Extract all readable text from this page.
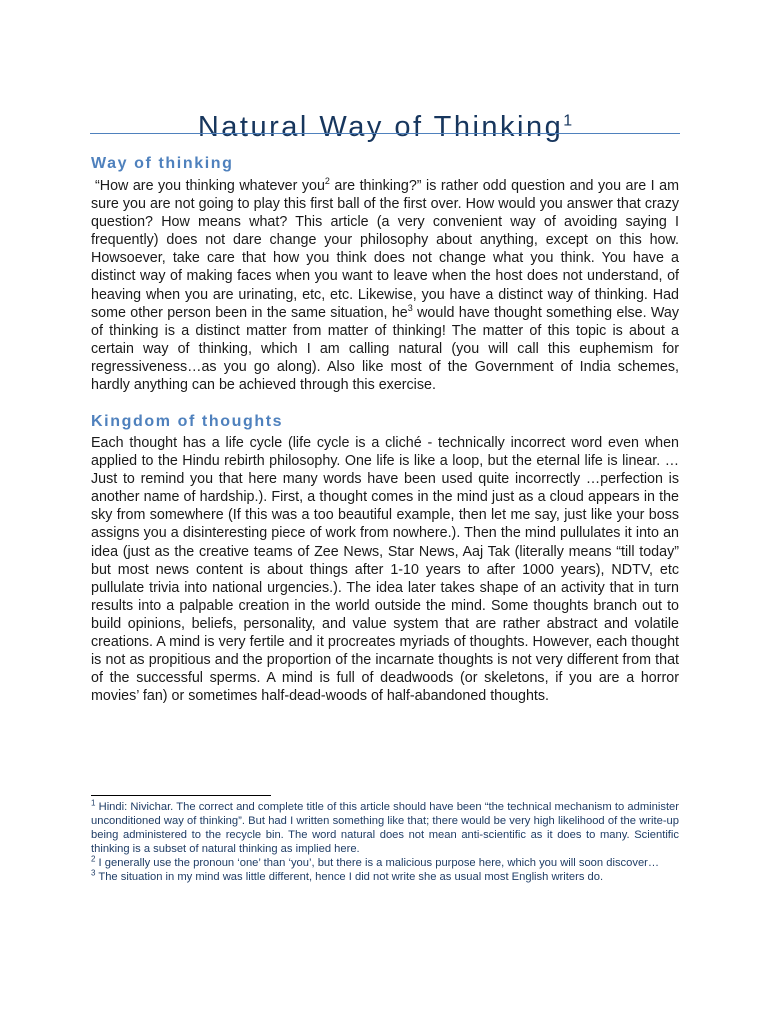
Natural Way of Thinking$^1$
Way of thinking

“How are you thinking whatever you$^2$ are thinking?” is rather odd question and you are I am sure you are not going to play this first ball of the first over. How would you answer that crazy question? How means what? This article (a very convenient way of avoiding saying I frequently) does not dare change your philosophy about anything, except on this how. Howsoever, take care that how you think does not change what you think. You have a distinct way of making faces when you want to leave when the host does not understand, of heaving when you are urinating, etc, etc. Likewise, you have a distinct way of thinking. Had some other person been in the same situation, $he^3$ would have thought something else. Way of thinking is a distinct matter from matter of thinking! The matter of this topic is about a certain way of thinking, which I am calling natural (you will call this euphemism for regressiveness…as you go along). Also like most of the Government of India schemes, hardly anything can be achieved through this exercise.

Kingdom of thoughts

Each thought has a life cycle (life cycle is a cliché - technically incorrect word even when applied to the Hindu rebirth philosophy. One life is like a loop, but the eternal life is linear. …Just to remind you that here many words have been used quite incorrectly …perfection is another name of hardship.). First, a thought comes in the mind just as a cloud appears in the sky from somewhere (If this was a too beautiful example, then let me say, just like your boss assigns you a disinteresting piece of work from nowhere.). Then the mind pullulates it into an idea (just as the creative teams of Zee News, Star News, Aaj Tak (literally means “till today” but most news content is about things after 1-10 years to after 1000 years), NDTV, etc pullulate trivia into national urgencies.). The idea later takes shape of an activity that in turn results into a palpable creation in the world outside the mind. Some thoughts branch out to build opinions, beliefs, personality, and value system that are rather abstract and volatile creations. A mind is very fertile and it procreates myriads of thoughts. However, each thought is not as propitious and the proportion of the incarnate thoughts is not very different from that of the successful sperms. A mind is full of deadwoods (or skeletons, if you are a horror movies’ fan) or sometimes half-dead-woods of half-abandoned thoughts.

$^1$ Hindi: Nivichar. The correct and complete title of this article should have been “the technical mechanism to administer unconditioned way of thinking”. But had I written something like that; there would be very high likelihood of the write-up being administered to the recycle bin. The word natural does not mean anti-scientific as it does to many. Scientific thinking is a subset of natural thinking as implied here.

$^2$ I generally use the pronoun ‘one’ than ‘you’, but there is a malicious purpose here, which you will soon discover…

$^3$ The situation in my mind was little different, hence I did not write she as usual most English writers do.
